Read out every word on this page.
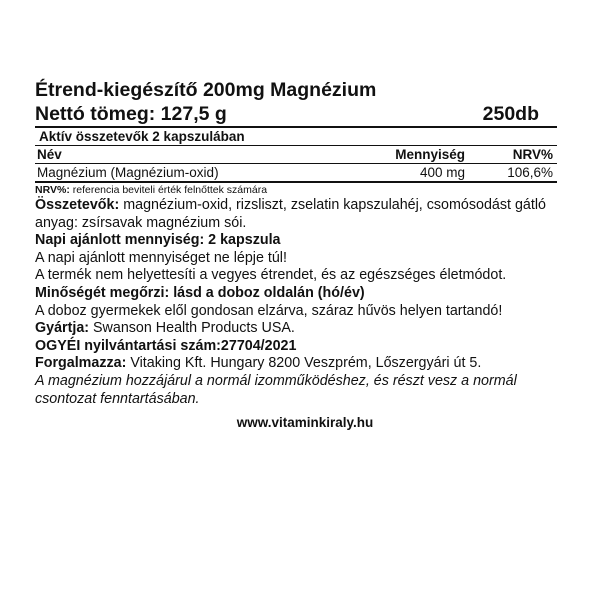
Étrend-kiegészítő 200mg Magnézium
Nettó tömeg: 127,5 g	250db
Aktív összetevők 2 kapszulában
Név	Mennyiség	NRV%
Magnézium (Magnézium-oxid)	400 mg	106,6%
NRV%: referencia beviteli érték felnőttek számára
Összetevők: magnézium-oxid, rizsliszt, zselatin kapszulahéj, csomósodást gátló anyag: zsírsavak magnézium sói.
Napi ajánlott mennyiség: 2 kapszula
A napi ajánlott mennyiséget ne lépje túl!
A termék nem helyettesíti a vegyes étrendet, és az egészséges életmódot.
Minőségét megőrzi: lásd a doboz oldalán (hó/év)
A doboz gyermekek elől gondosan elzárva, száraz hűvös helyen tartandó!
Gyártja: Swanson Health Products USA.
OGYÉI nyilvántartási szám:27704/2021
Forgalmazza: Vitaking Kft. Hungary 8200 Veszprém, Lőszergyári út 5.
A magnézium hozzájárul a normál izomműködéshez, és részt vesz a normál csontozat fenntartásában.
www.vitaminkiraly.hu
